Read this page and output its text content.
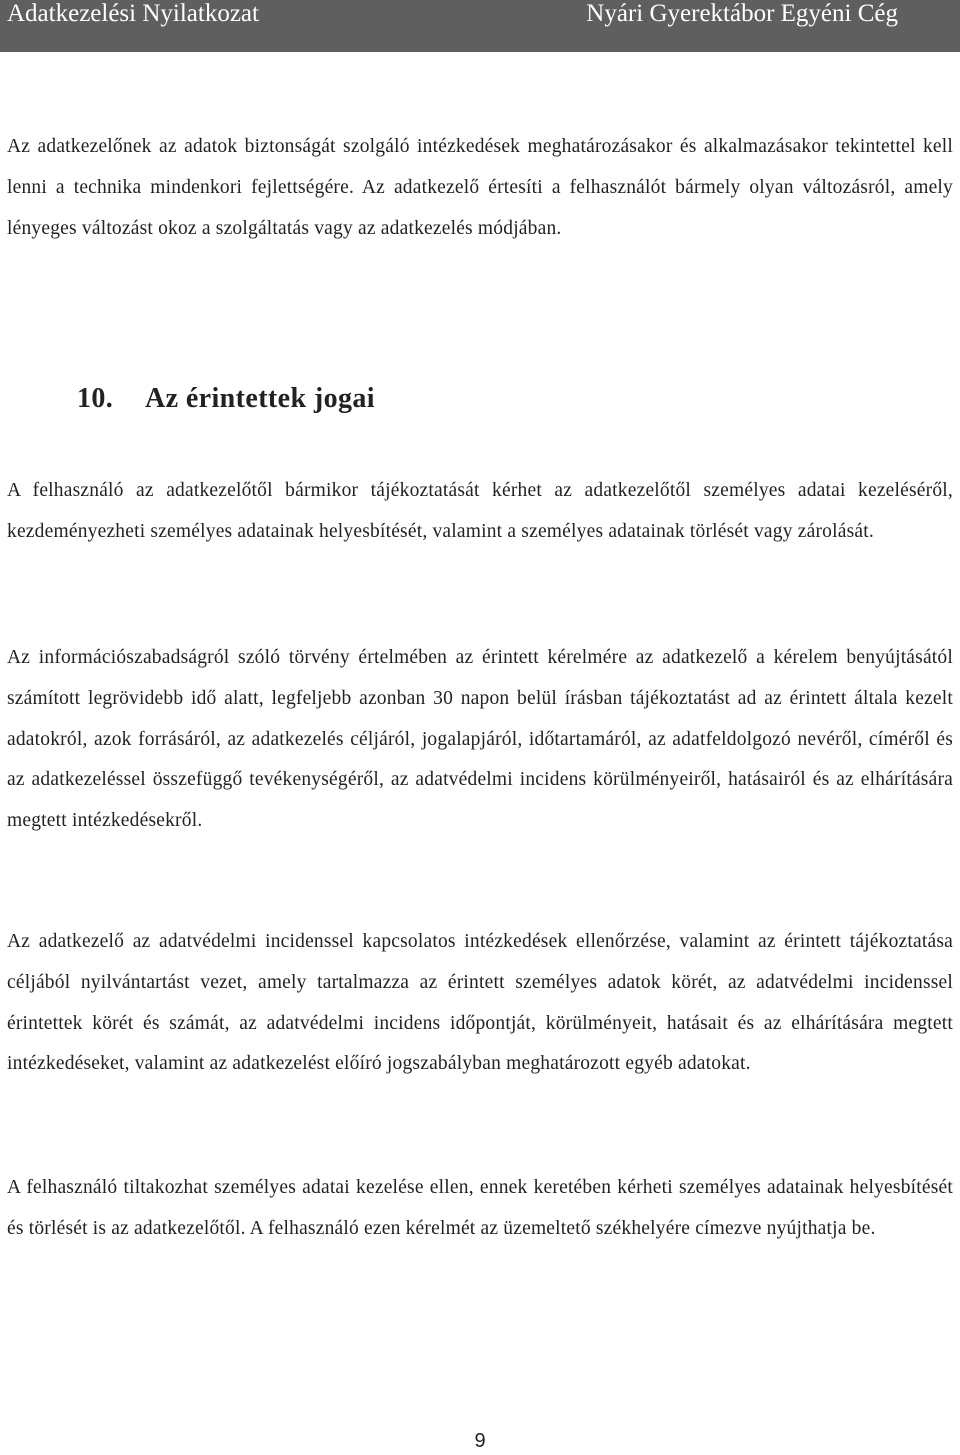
Adatkezelési Nyilatkozat	Nyári Gyerektábor Egyéni Cég

Az adatkezelőnek az adatok biztonságát szolgáló intézkedések meghatározásakor és alkalmazásakor tekintettel kell lenni a technika mindenkori fejlettségére. Az adatkezelő értesíti a felhasználót bármely olyan változásról, amely lényeges változást okoz a szolgáltatás vagy az adatkezelés módjában.

10. Az érintettek jogai

A felhasználó az adatkezelőtől bármikor tájékoztatását kérhet az adatkezelőtől személyes adatai kezeléséről, kezdeményezheti személyes adatainak helyesbítését, valamint a személyes adatainak törlését vagy zárolását.

Az információszabadságról szóló törvény értelmében az érintett kérelmére az adatkezelő a kérelem benyújtásától számított legrövidebb idő alatt, legfeljebb azonban 30 napon belül írásban tájékoztatást ad az érintett általa kezelt adatokról, azok forrásáról, az adatkezelés céljáról, jogalapjáról, időtartamáról, az adatfeldolgozó nevéről, címéről és az adatkezeléssel összefüggő tevékenységéről, az adatvédelmi incidens körülményeiről, hatásairól és az elhárítására megtett intézkedésekről.

Az adatkezelő az adatvédelmi incidenssel kapcsolatos intézkedések ellenőrzése, valamint az érintett tájékoztatása céljából nyilvántartást vezet, amely tartalmazza az érintett személyes adatok körét, az adatvédelmi incidenssel érintettek körét és számát, az adatvédelmi incidens időpontját, körülményeit, hatásait és az elhárítására megtett intézkedéseket, valamint az adatkezelést előíró jogszabályban meghatározott egyéb adatokat.

A felhasználó tiltakozhat személyes adatai kezelése ellen, ennek keretében kérheti személyes adatainak helyesbítését és törlését is az adatkezelőtől. A felhasználó ezen kérelmét az üzemeltető székhelyére címezve nyújthatja be.

9
